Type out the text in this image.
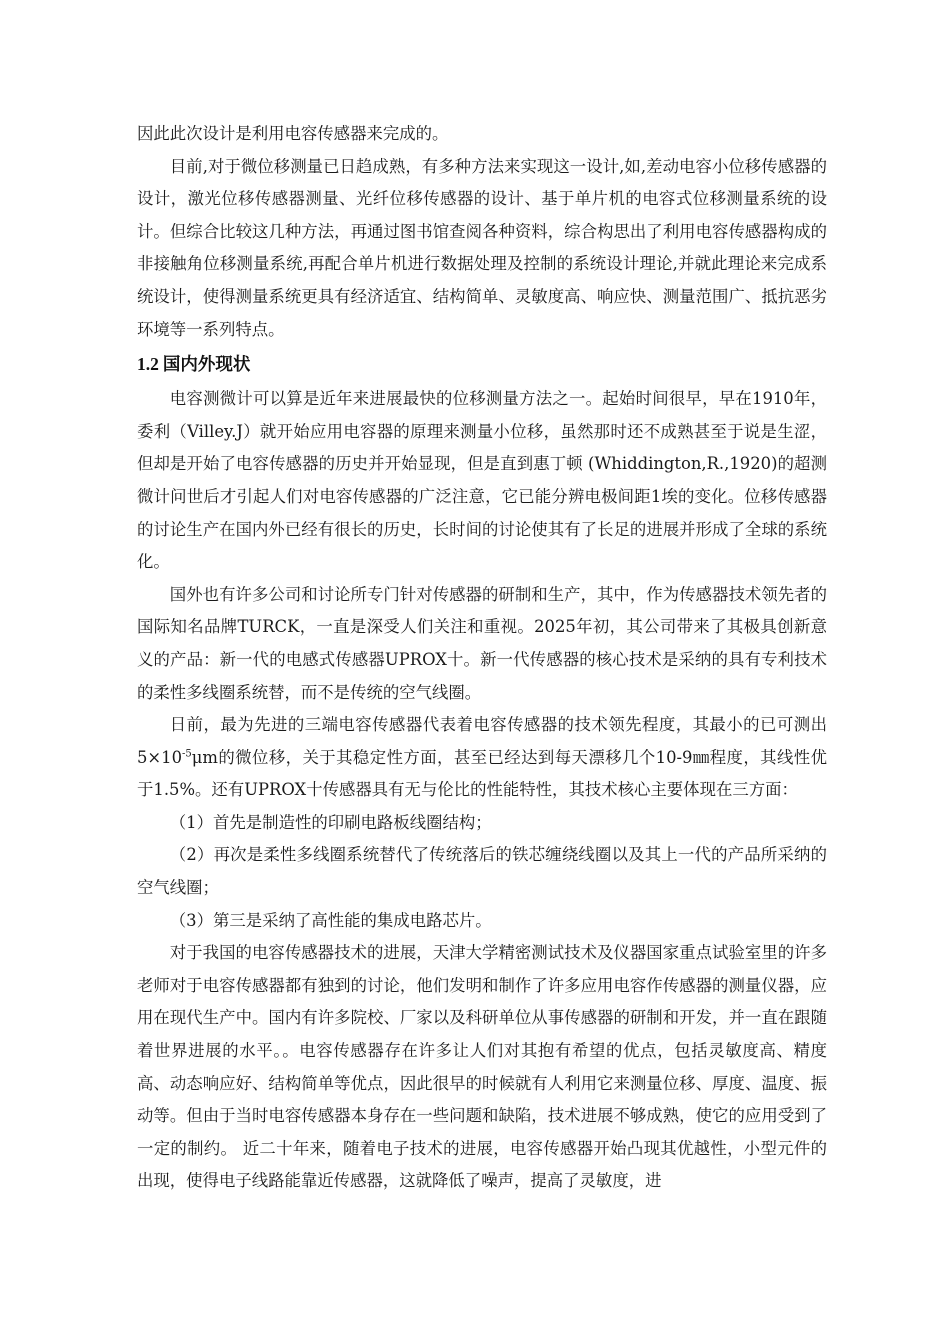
因此此次设计是利用电容传感器来完成的。

目前,对于微位移测量已日趋成熟，有多种方法来实现这一设计,如,差动电容小位移传感器的设计，激光位移传感器测量、光纤位移传感器的设计、基于单片机的电容式位移测量系统的设计。但综合比较这几种方法，再通过图书馆查阅各种资料，综合构思出了利用电容传感器构成的非接触角位移测量系统,再配合单片机进行数据处理及控制的系统设计理论,并就此理论来完成系统设计，使得测量系统更具有经济适宜、结构简单、灵敏度高、响应快、测量范围广、抵抗恶劣环境等一系列特点。

1.2 国内外现状

电容测微计可以算是近年来进展最快的位移测量方法之一。起始时间很早，早在1910年，委利（Villey.J）就开始应用电容器的原理来测量小位移，虽然那时还不成熟甚至于说是生涩，但却是开始了电容传感器的历史并开始显现，但是直到惠丁顿 (Whiddington,R.,1920)的超测微计问世后才引起人们对电容传感器的广泛注意，它已能分辨电极间距1埃的变化。位移传感器的讨论生产在国内外已经有很长的历史，长时间的讨论使其有了长足的进展并形成了全球的系统化。

国外也有许多公司和讨论所专门针对传感器的研制和生产，其中，作为传感器技术领先者的国际知名品牌TURCK，一直是深受人们关注和重视。2025年初，其公司带来了其极具创新意义的产品：新一代的电感式传感器UPROX十。新一代传感器的核心技术是采纳的具有专利技术的柔性多线圈系统替，而不是传统的空气线圈。

日前，最为先进的三端电容传感器代表着电容传感器的技术领先程度，其最小的已可测出$5\times 10^{-5}\mu m$的微位移，关于其稳定性方面，甚至已经达到每天漂移几个10-9㎜程度，其线性优于1.5%。还有UPROX十传感器具有无与伦比的性能特性，其技术核心主要体现在三方面：

（1）首先是制造性的印刷电路板线圈结构；

（2）再次是柔性多线圈系统替代了传统落后的铁芯缠绕线圈以及其上一代的产品所采纳的空气线圈；

（3）第三是采纳了高性能的集成电路芯片。

对于我国的电容传感器技术的进展，天津大学精密测试技术及仪器国家重点试验室里的许多老师对于电容传感器都有独到的讨论，他们发明和制作了许多应用电容作传感器的测量仪器，应用在现代生产中。国内有许多院校、厂家以及科研单位从事传感器的研制和开发，并一直在跟随着世界进展的水平。。电容传感器存在许多让人们对其抱有希望的优点，包括灵敏度高、精度高、动态响应好、结构简单等优点，因此很早的时候就有人利用它来测量位移、厚度、温度、振动等。但由于当时电容传感器本身存在一些问题和缺陷，技术进展不够成熟，使它的应用受到了一定的制约。 近二十年来，随着电子技术的进展，电容传感器开始凸现其优越性，小型元件的出现，使得电子线路能靠近传感器，这就降低了噪声，提高了灵敏度，进
